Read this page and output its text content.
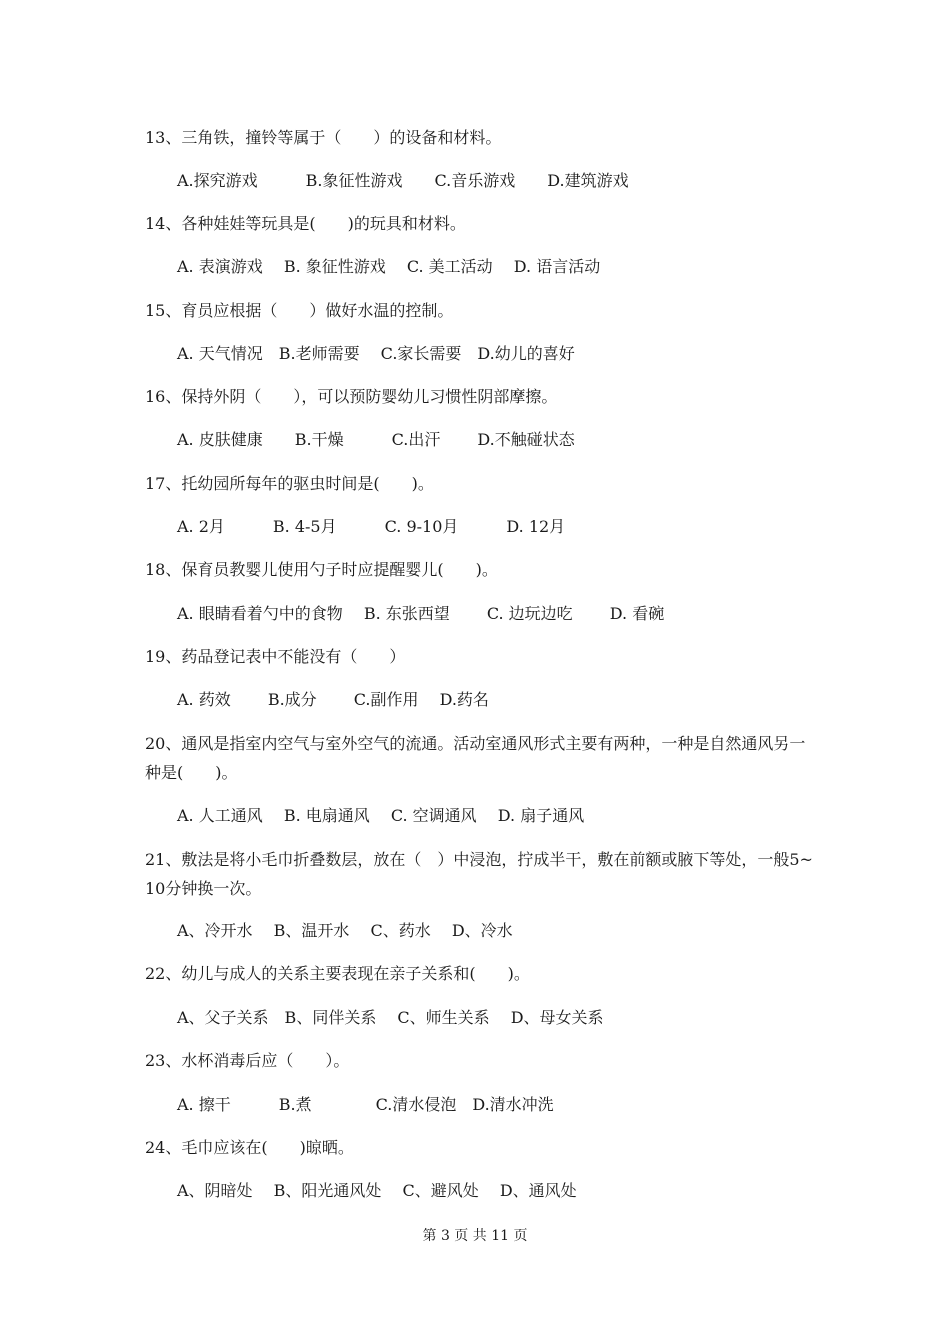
13、三角铁，撞铃等属于（　　）的设备和材料。
A.探究游戏　　　B.象征性游戏　　C.音乐游戏　　D.建筑游戏
14、各种娃娃等玩具是(　　)的玩具和材料。
A. 表演游戏　 B. 象征性游戏　 C. 美工活动　 D. 语言活动
15、育员应根据（　　）做好水温的控制。
A. 天气情况　B.老师需要　 C.家长需要　D.幼儿的喜好
16、保持外阴（　　），可以预防婴幼儿习惯性阴部摩擦。
A. 皮肤健康　　B.干燥　　　C.出汗　　 D.不触碰状态
17、托幼园所每年的驱虫时间是(　　)。
A. 2月　　　B. 4-5月　　　C. 9-10月　　　D. 12月
18、保育员教婴儿使用勺子时应提醒婴儿(　　)。
A. 眼睛看着勺中的食物　 B. 东张西望　　 C. 边玩边吃　　 D. 看碗
19、药品登记表中不能没有（　　）
A. 药效　　 B.成分　　 C.副作用　 D.药名
20、通风是指室内空气与室外空气的流通。活动室通风形式主要有两种，一种是自然通风另一种是(　　)。
A. 人工通风　 B. 电扇通风　 C. 空调通风　 D. 扇子通风
21、敷法是将小毛巾折叠数层，放在（　）中浸泡，拧成半干，敷在前额或腋下等处，一般5~10分钟换一次。
A、冷开水　 B、温开水　 C、药水　 D、冷水
22、幼儿与成人的关系主要表现在亲子关系和(　　)。
A、父子关系　B、同伴关系　 C、师生关系　 D、母女关系
23、水杯消毒后应（　　）。
A. 擦干　　　B.煮　　　　C.清水侵泡　D.清水冲洗
24、毛巾应该在(　　)晾晒。
A、阴暗处　 B、阳光通风处　 C、避风处　 D、通风处
第 3 页 共 11 页
